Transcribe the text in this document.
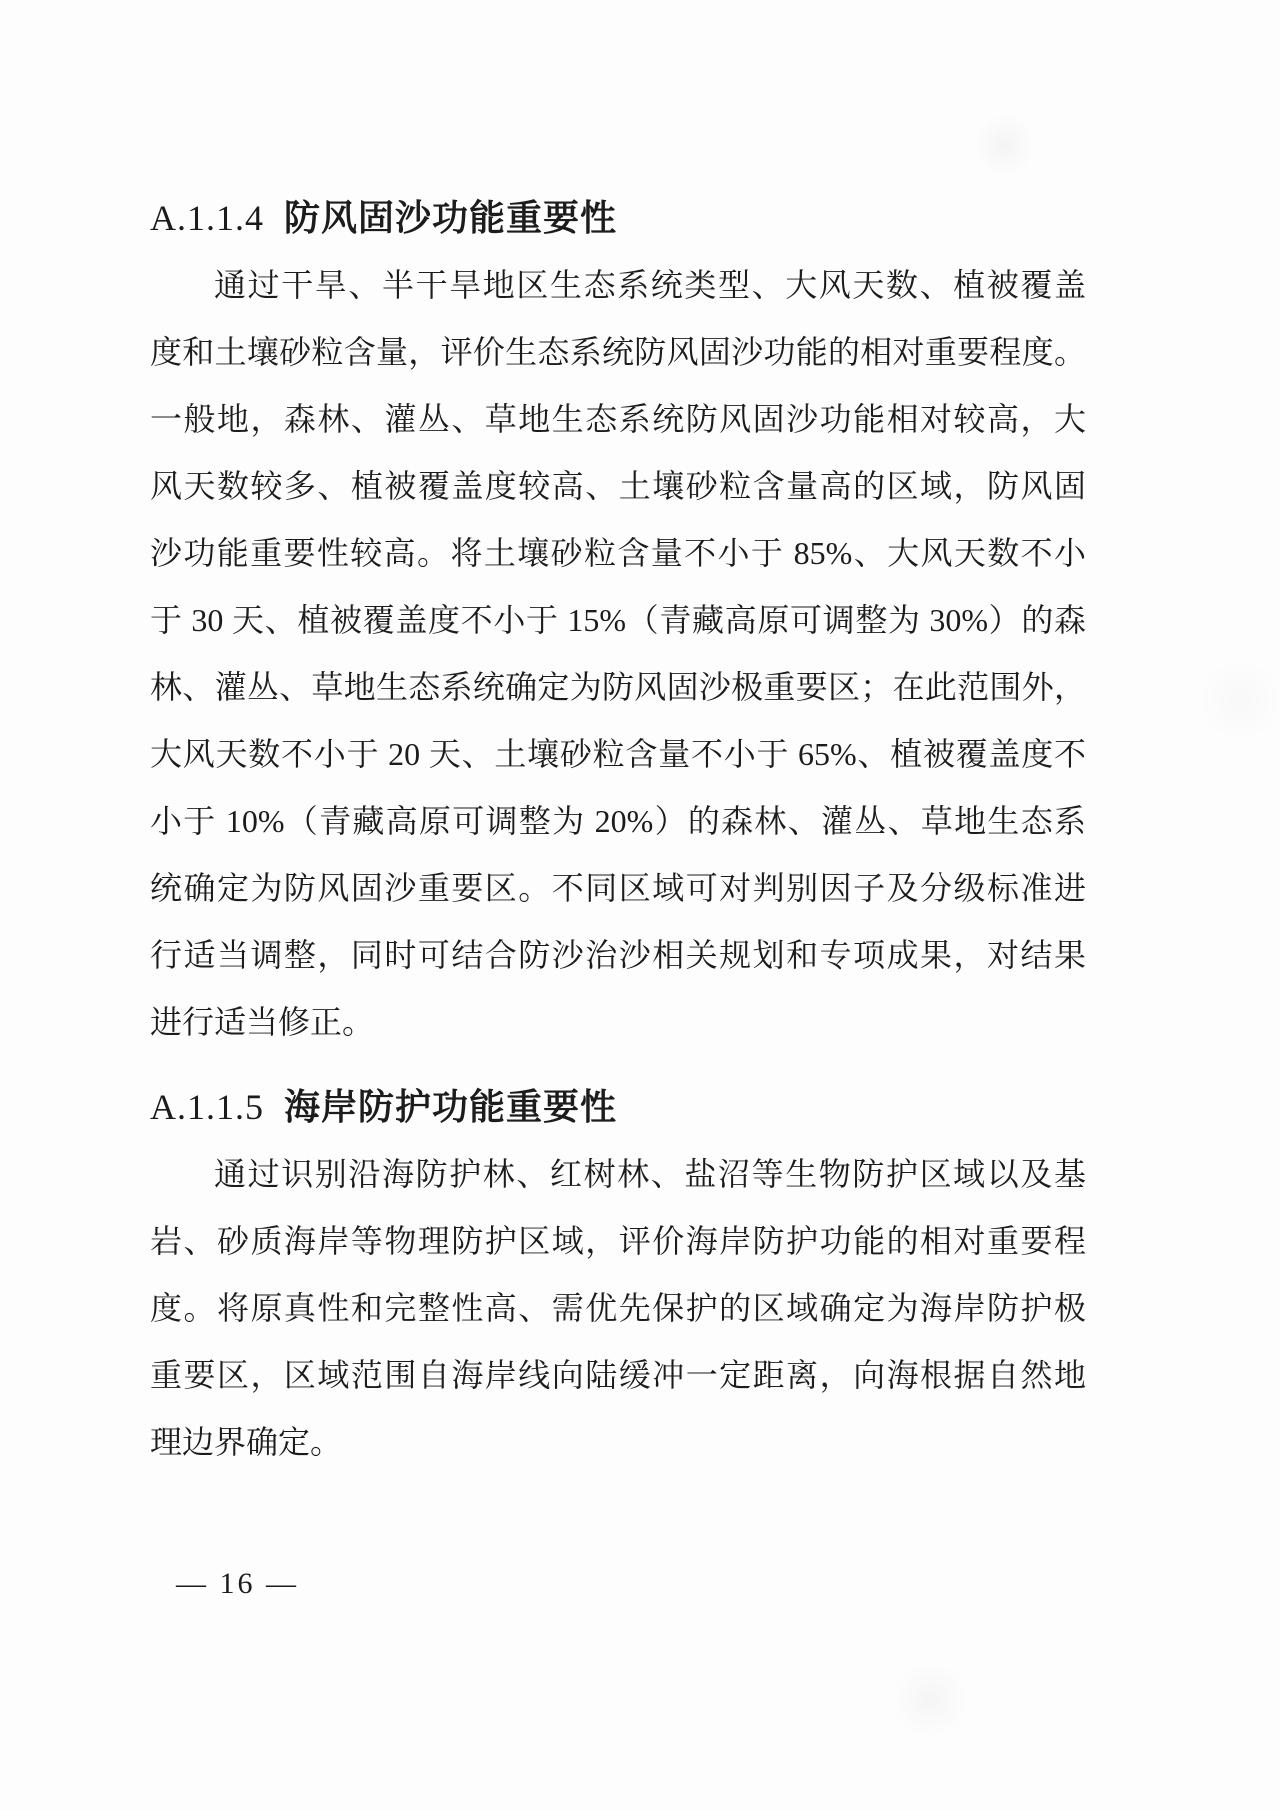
A.1.1.4 防风固沙功能重要性
通过干旱、半干旱地区生态系统类型、大风天数、植被覆盖
度和土壤砂粒含量，评价生态系统防风固沙功能的相对重要程度。
一般地，森林、灌丛、草地生态系统防风固沙功能相对较高，大
风天数较多、植被覆盖度较高、土壤砂粒含量高的区域，防风固
沙功能重要性较高。将土壤砂粒含量不小于 85%、大风天数不小
于 30 天、植被覆盖度不小于 15%（青藏高原可调整为 30%）的森
林、灌丛、草地生态系统确定为防风固沙极重要区；在此范围外，
大风天数不小于 20 天、土壤砂粒含量不小于 65%、植被覆盖度不
小于 10%（青藏高原可调整为 20%）的森林、灌丛、草地生态系
统确定为防风固沙重要区。不同区域可对判别因子及分级标准进
行适当调整，同时可结合防沙治沙相关规划和专项成果，对结果
进行适当修正。
A.1.1.5 海岸防护功能重要性
通过识别沿海防护林、红树林、盐沼等生物防护区域以及基
岩、砂质海岸等物理防护区域，评价海岸防护功能的相对重要程
度。将原真性和完整性高、需优先保护的区域确定为海岸防护极
重要区，区域范围自海岸线向陆缓冲一定距离，向海根据自然地
理边界确定。
— 16 —
